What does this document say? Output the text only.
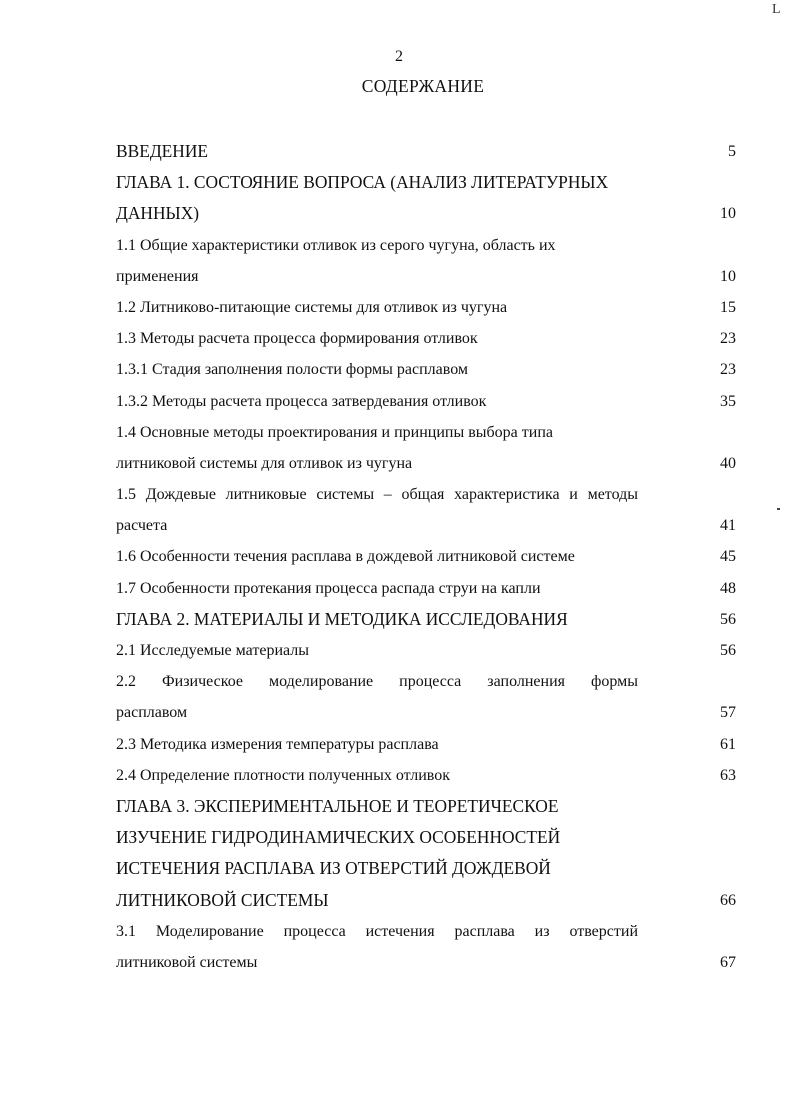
L
2
СОДЕРЖАНИЕ
ВВЕДЕНИЕ	5
ГЛАВА 1. СОСТОЯНИЕ ВОПРОСА (АНАЛИЗ ЛИТЕРАТУРНЫХ
ДАННЫХ)	10
1.1 Общие характеристики отливок из серого чугуна, область их
применения	10
1.2 Литниково-питающие системы для отливок из чугуна	15
1.3 Методы расчета процесса формирования отливок	23
1.3.1 Стадия заполнения полости формы расплавом	23
1.3.2 Методы расчета процесса затвердевания отливок	35
1.4 Основные методы проектирования и принципы выбора типа
литниковой системы для отливок из чугуна	40
1.5 Дождевые литниковые системы – общая характеристика и методы
расчета	41
1.6 Особенности течения расплава в дождевой литниковой системе	45
1.7 Особенности протекания процесса распада струи на капли	48
ГЛАВА 2. МАТЕРИАЛЫ И МЕТОДИКА ИССЛЕДОВАНИЯ	56
2.1 Исследуемые материалы	56
2.2 Физическое моделирование процесса заполнения формы
расплавом	57
2.3 Методика измерения температуры расплава	61
2.4 Определение плотности полученных отливок	63
ГЛАВА 3. ЭКСПЕРИМЕНТАЛЬНОЕ И ТЕОРЕТИЧЕСКОЕ
ИЗУЧЕНИЕ ГИДРОДИНАМИЧЕСКИХ ОСОБЕННОСТЕЙ
ИСТЕЧЕНИЯ РАСПЛАВА ИЗ ОТВЕРСТИЙ ДОЖДЕВОЙ
ЛИТНИКОВОЙ СИСТЕМЫ	66
3.1 Моделирование процесса истечения расплава из отверстий
литниковой системы	67
